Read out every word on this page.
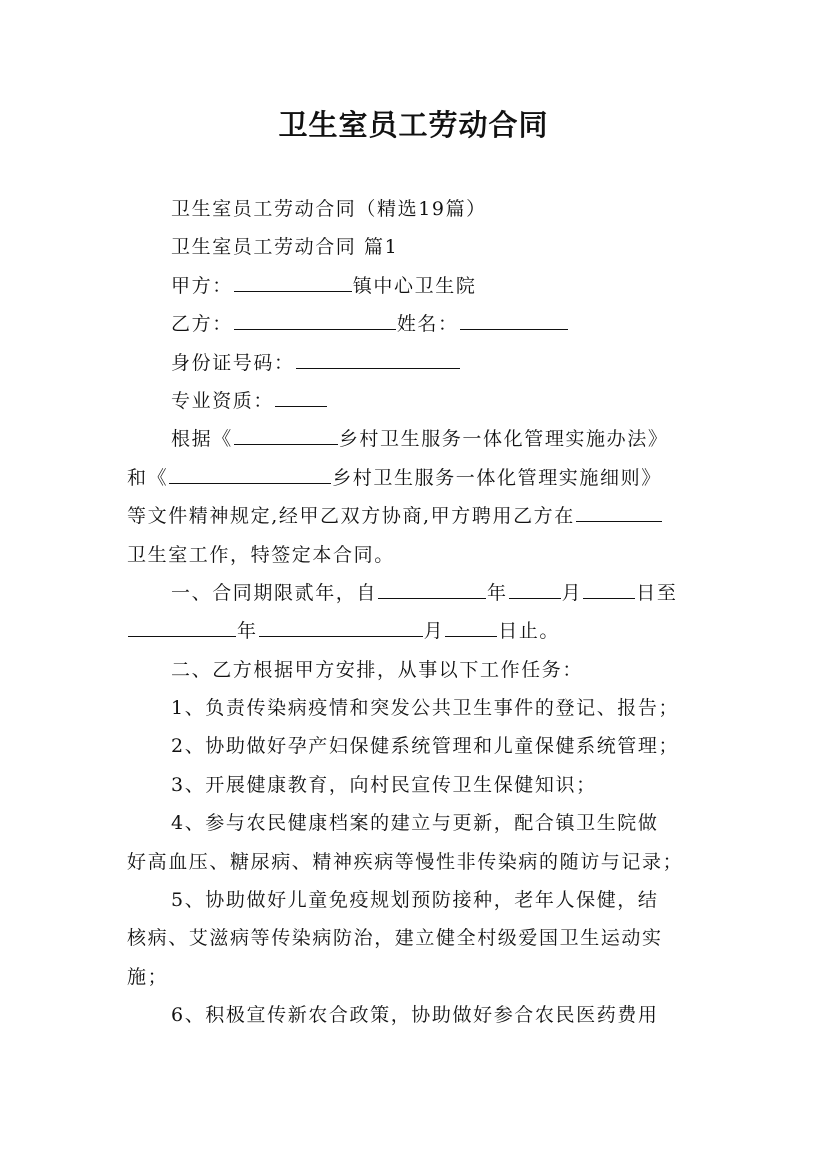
卫生室员工劳动合同
卫生室员工劳动合同（精选19篇）
卫生室员工劳动合同 篇1
甲方：	镇中心卫生院
乙方：	姓名：
身份证号码：
专业资质：
根据《	乡村卫生服务一体化管理实施办法》
和《	乡村卫生服务一体化管理实施细则》
等文件精神规定,经甲乙双方协商,甲方聘用乙方在
卫生室工作，特签定本合同。
一、合同期限贰年，自	年	月	日至
年	月	日止。
二、乙方根据甲方安排，从事以下工作任务：
1、负责传染病疫情和突发公共卫生事件的登记、报告；
2、协助做好孕产妇保健系统管理和儿童保健系统管理；
3、开展健康教育，向村民宣传卫生保健知识；
4、参与农民健康档案的建立与更新，配合镇卫生院做
好高血压、糖尿病、精神疾病等慢性非传染病的随访与记录；
5、协助做好儿童免疫规划预防接种，老年人保健，结
核病、艾滋病等传染病防治，建立健全村级爱国卫生运动实
施；
6、积极宣传新农合政策，协助做好参合农民医药费用
